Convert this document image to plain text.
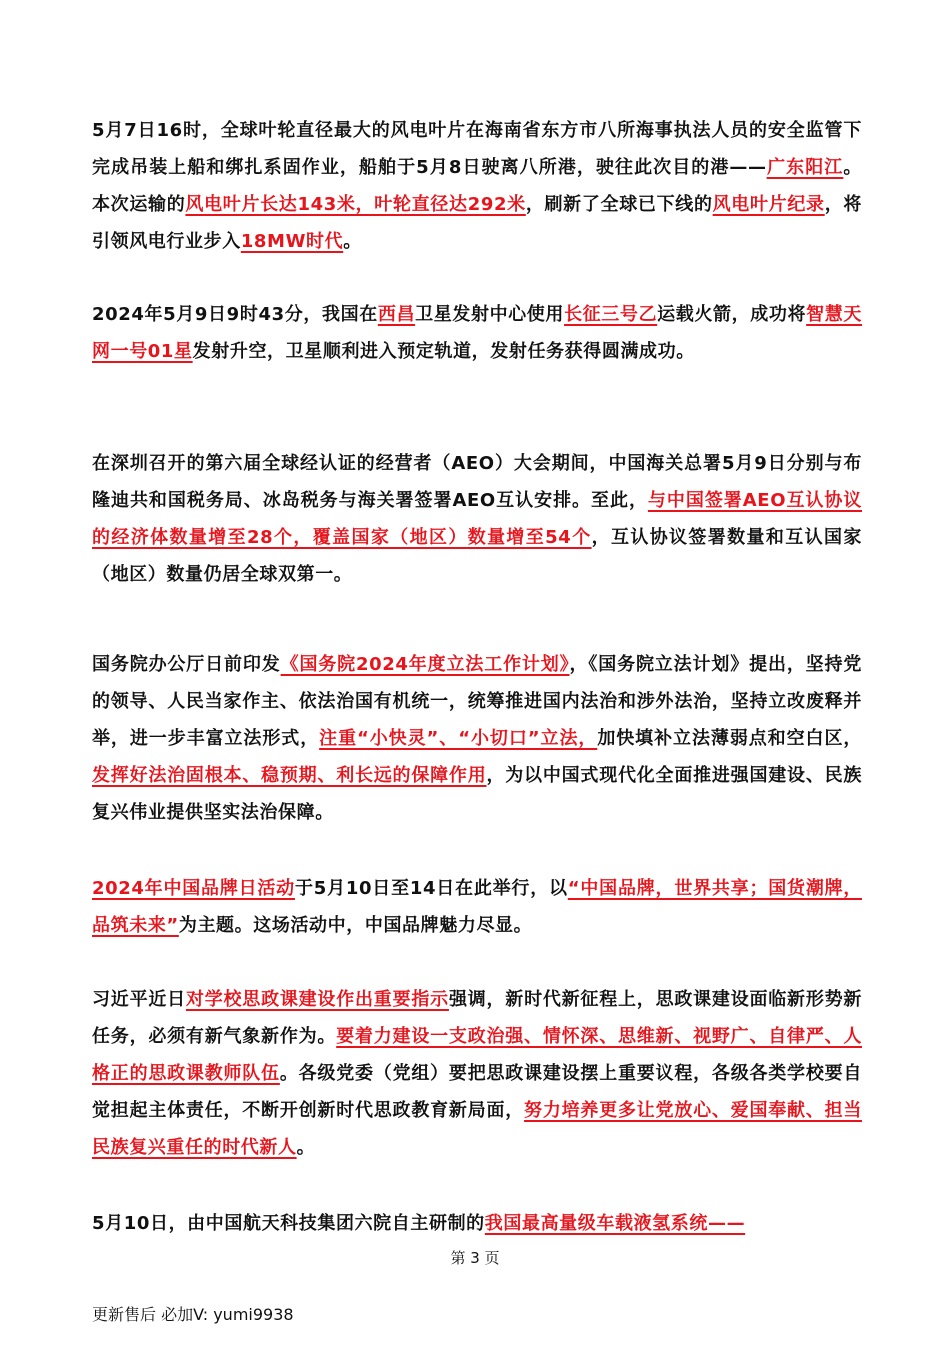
5月7日16时，全球叶轮直径最大的风电叶片在海南省东方市八所海事执法人员的安全监管下完成吊装上船和绑扎系固作业，船舶于5月8日驶离八所港，驶往此次目的港——广东阳江。本次运输的风电叶片长达143米，叶轮直径达292米，刷新了全球已下线的风电叶片纪录，将引领风电行业步入18MW时代。

2024年5月9日9时43分，我国在西昌卫星发射中心使用长征三号乙运载火箭，成功将智慧天网一号01星发射升空，卫星顺利进入预定轨道，发射任务获得圆满成功。

在深圳召开的第六届全球经认证的经营者（AEO）大会期间，中国海关总署5月9日分别与布隆迪共和国税务局、冰岛税务与海关署签署AEO互认安排。至此，与中国签署AEO互认协议的经济体数量增至28个，覆盖国家（地区）数量增至54个，互认协议签署数量和互认国家（地区）数量仍居全球双第一。

国务院办公厅日前印发《国务院2024年度立法工作计划》，《国务院立法计划》提出，坚持党的领导、人民当家作主、依法治国有机统一，统筹推进国内法治和涉外法治，坚持立改废释并举，进一步丰富立法形式，注重“小快灵”、“小切口”立法，加快填补立法薄弱点和空白区，发挥好法治固根本、稳预期、利长远的保障作用，为以中国式现代化全面推进强国建设、民族复兴伟业提供坚实法治保障。

2024年中国品牌日活动于5月10日至14日在此举行，以“中国品牌，世界共享；国货潮牌，品筑未来”为主题。这场活动中，中国品牌魅力尽显。

习近平近日对学校思政课建设作出重要指示强调，新时代新征程上，思政课建设面临新形势新任务，必须有新气象新作为。要着力建设一支政治强、情怀深、思维新、视野广、自律严、人格正的思政课教师队伍。各级党委（党组）要把思政课建设摆上重要议程，各级各类学校要自觉担起主体责任，不断开创新时代思政教育新局面，努力培养更多让党放心、爱国奉献、担当民族复兴重任的时代新人。

5月10日，由中国航天科技集团六院自主研制的我国最高量级车载液氢系统——

第 3 页
更新售后 必加V: yumi9938
